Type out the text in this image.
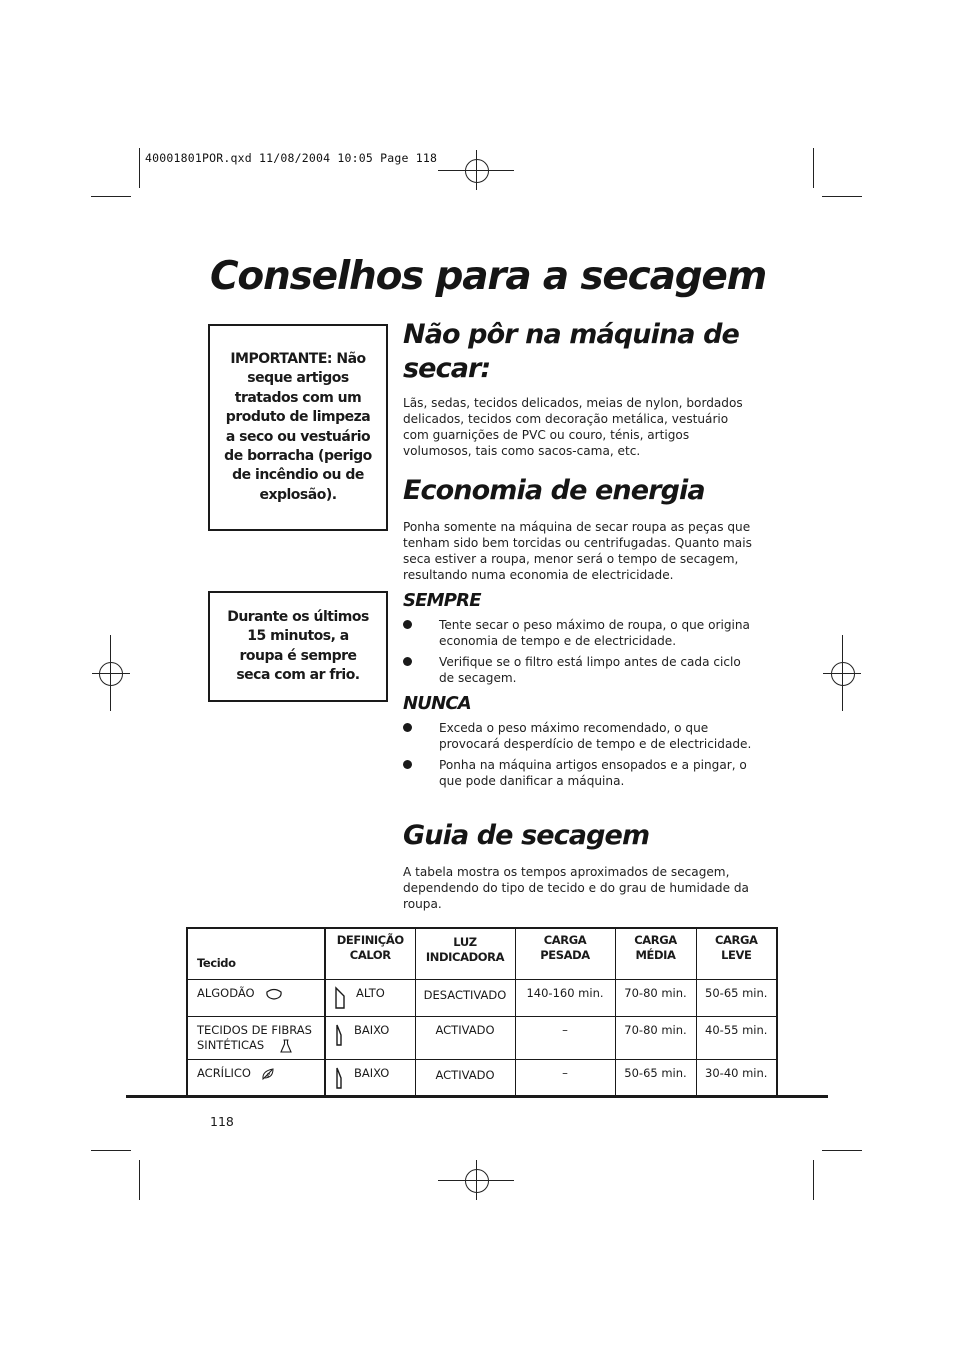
40001801POR.qxd 11/08/2004 10:05 Page 118
Conselhos para a secagem
IMPORTANTE: Não seque artigos tratados com um produto de limpeza a seco ou vestuário de borracha (perigo de incêndio ou de explosão).
Durante os últimos 15 minutos, a roupa é sempre seca com ar frio.
Não pôr na máquina de secar:
Lãs, sedas, tecidos delicados, meias de nylon, bordados delicados, tecidos com decoração metálica, vestuário com guarnições de PVC ou couro, ténis, artigos volumosos, tais como sacos-cama, etc.
Economia de energia
Ponha somente na máquina de secar roupa as peças que tenham sido bem torcidas ou centrifugadas. Quanto mais seca estiver a roupa, menor será o tempo de secagem, resultando numa economia de electricidade.
SEMPRE
Tente secar o peso máximo de roupa, o que origina economia de tempo e de electricidade.
Verifique se o filtro está limpo antes de cada ciclo de secagem.
NUNCA
Exceda o peso máximo recomendado, o que provocará desperdício de tempo e de electricidade.
Ponha na máquina artigos ensopados e a pingar, o que pode danificar a máquina.
Guia de secagem
A tabela mostra os tempos aproximados de secagem, dependendo do tipo de tecido e do grau de humidade da roupa.
Tecido	DEFINIÇÃO CALOR	LUZ INDICADORA	CARGA PESADA	CARGA MÉDIA	CARGA LEVE
ALGODÃO	ALTO	DESACTIVADO	140-160 min.	70-80 min.	50-65 min.

TECIDOS DE FIBRAS SINTÉTICAS	BAIXO	ACTIVADO	–	70-80 min.	40-55 min.
ACRÍLICO	BAIXO	ACTIVADO	–	50-65 min.	30-40 min.
118
